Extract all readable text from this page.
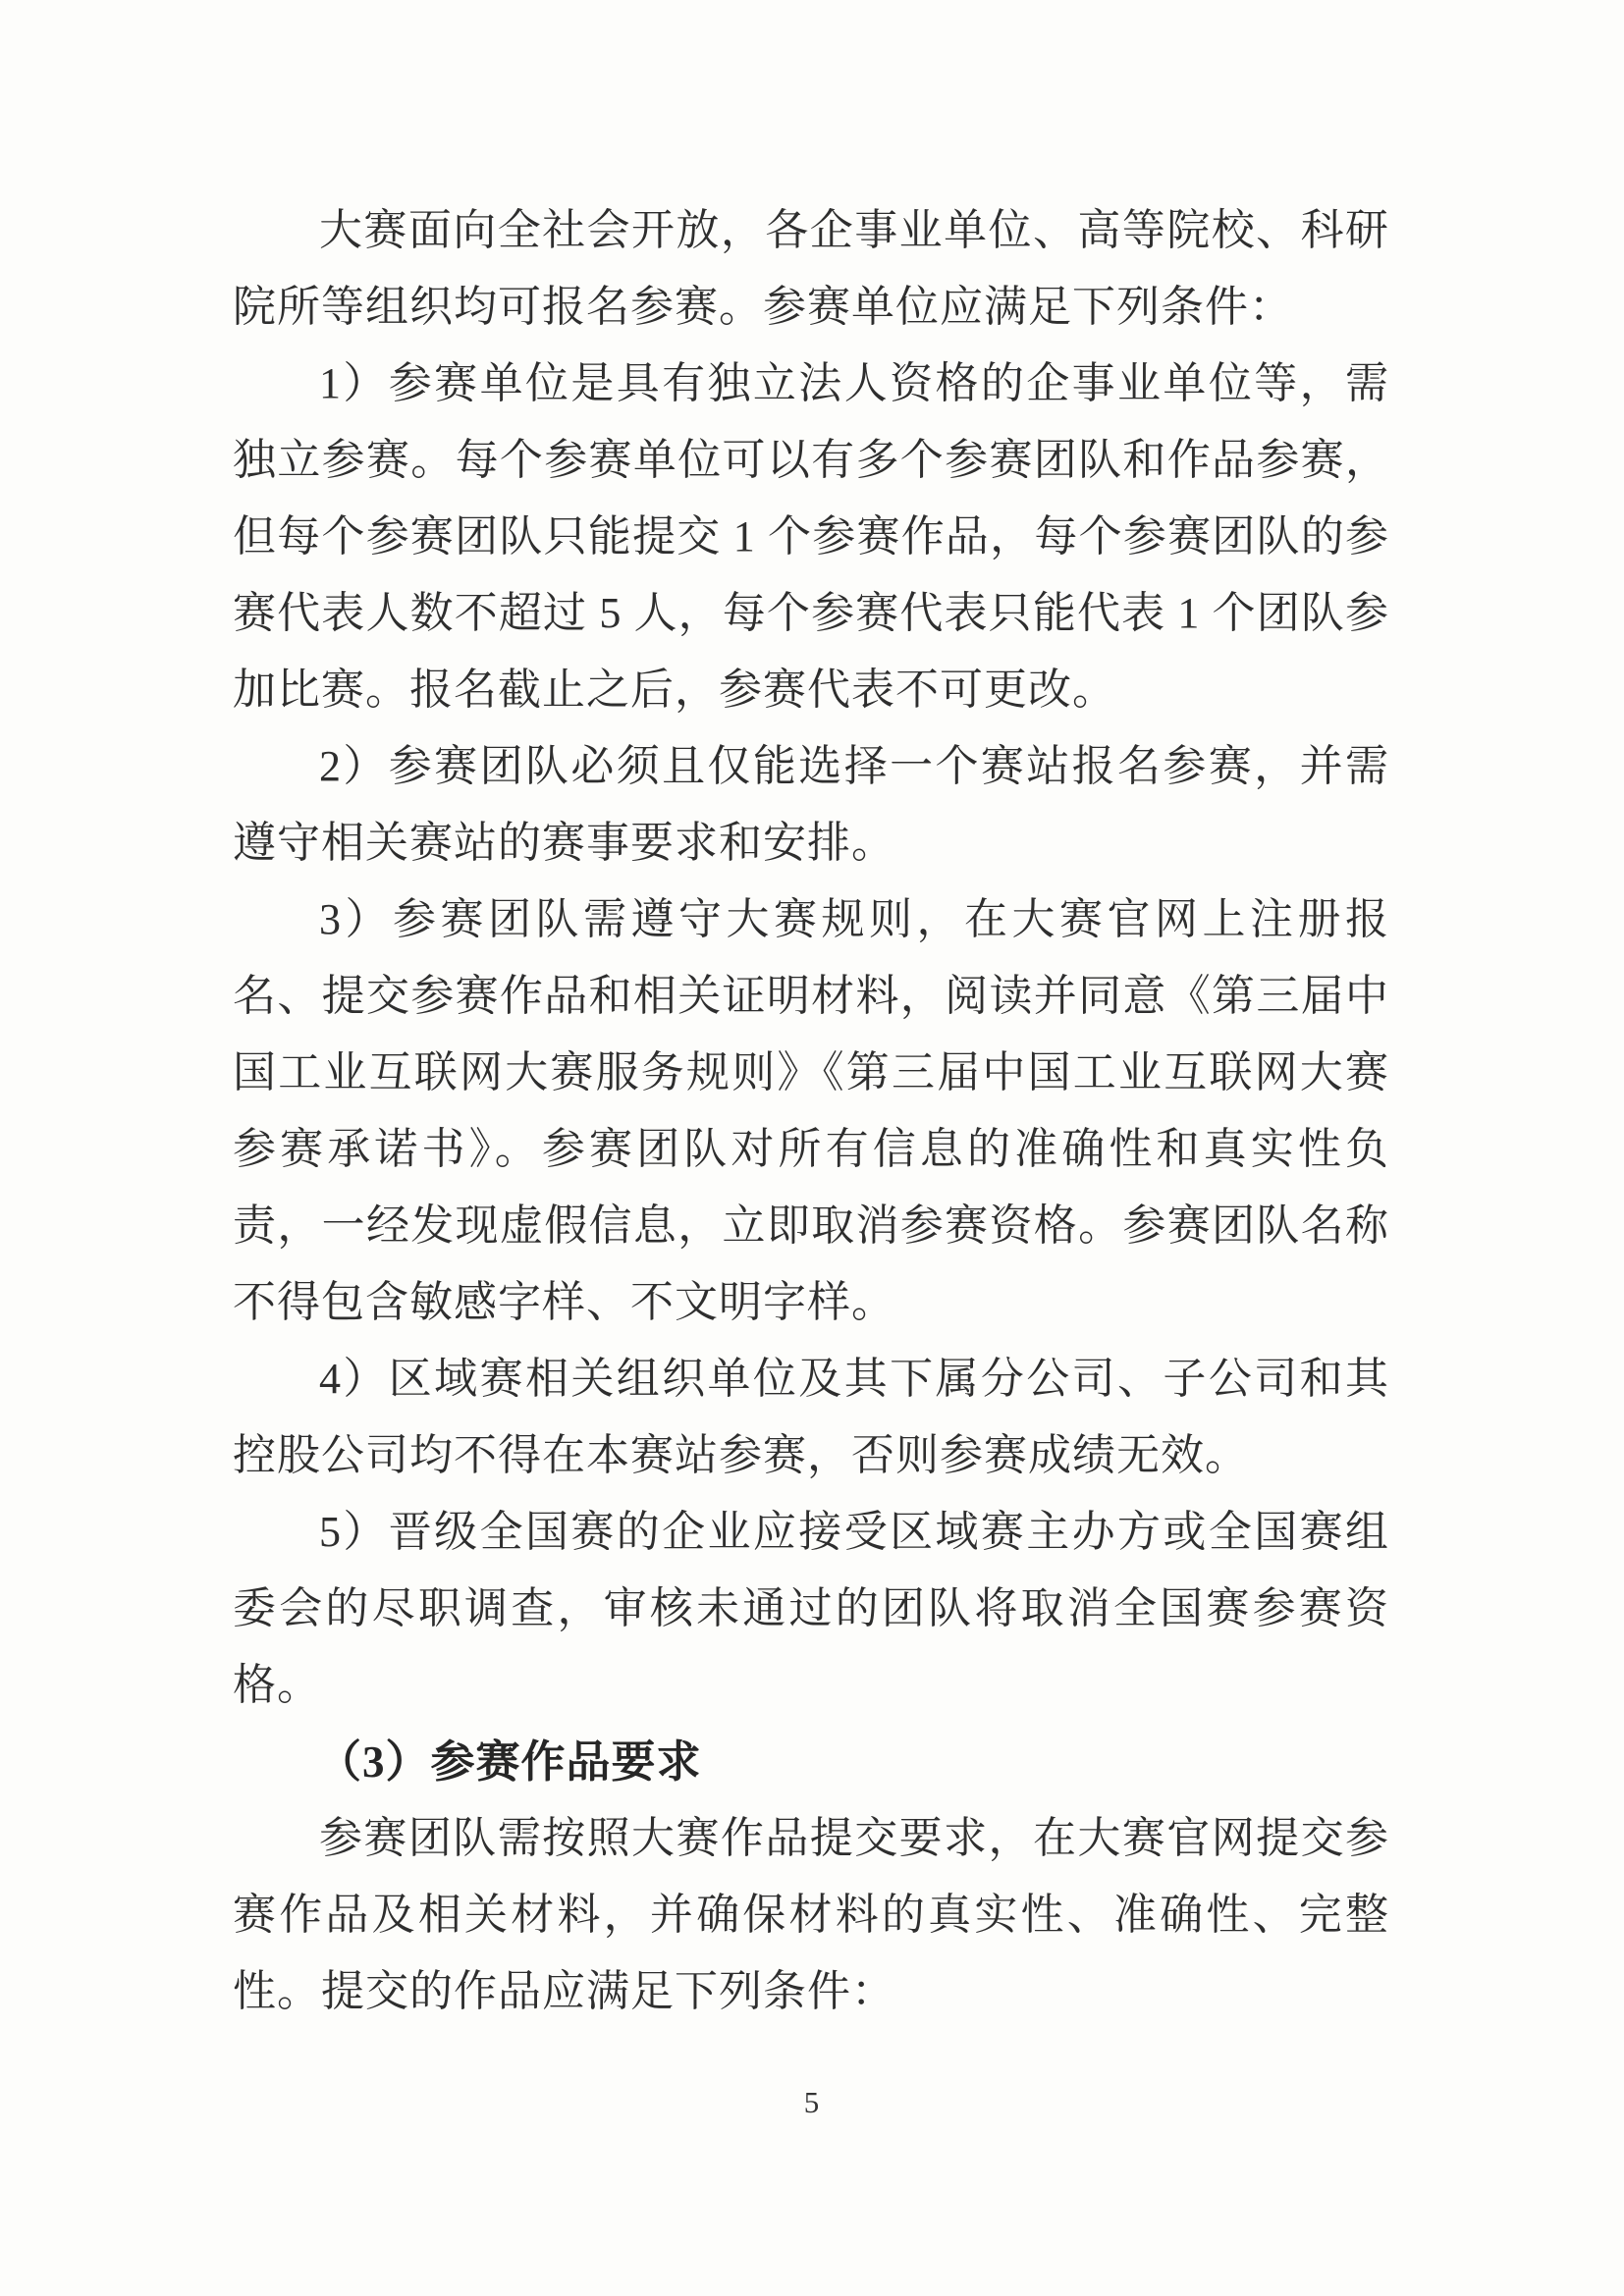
大赛面向全社会开放，各企事业单位、高等院校、科研院所等组织均可报名参赛。参赛单位应满足下列条件：

1）参赛单位是具有独立法人资格的企事业单位等，需独立参赛。每个参赛单位可以有多个参赛团队和作品参赛，但每个参赛团队只能提交 1 个参赛作品，每个参赛团队的参赛代表人数不超过 5 人，每个参赛代表只能代表 1 个团队参加比赛。报名截止之后，参赛代表不可更改。

2）参赛团队必须且仅能选择一个赛站报名参赛，并需遵守相关赛站的赛事要求和安排。

3）参赛团队需遵守大赛规则，在大赛官网上注册报名、提交参赛作品和相关证明材料，阅读并同意《第三届中国工业互联网大赛服务规则》《第三届中国工业互联网大赛参赛承诺书》。参赛团队对所有信息的准确性和真实性负责，一经发现虚假信息，立即取消参赛资格。参赛团队名称不得包含敏感字样、不文明字样。

4）区域赛相关组织单位及其下属分公司、子公司和其控股公司均不得在本赛站参赛，否则参赛成绩无效。

5）晋级全国赛的企业应接受区域赛主办方或全国赛组委会的尽职调查，审核未通过的团队将取消全国赛参赛资格。

（3）参赛作品要求

参赛团队需按照大赛作品提交要求，在大赛官网提交参赛作品及相关材料，并确保材料的真实性、准确性、完整性。提交的作品应满足下列条件：

5
